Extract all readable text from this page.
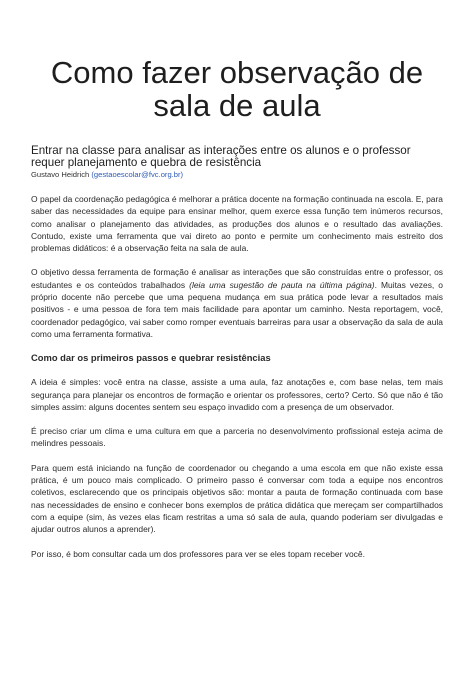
Como fazer observação de sala de aula

Entrar na classe para analisar as interações entre os alunos e o professor requer planejamento e quebra de resistência

Gustavo Heidrich (gestaoescolar@fvc.org.br)

O papel da coordenação pedagógica é melhorar a prática docente na formação continuada na escola. E, para saber das necessidades da equipe para ensinar melhor, quem exerce essa função tem inúmeros recursos, como analisar o planejamento das atividades, as produções dos alunos e o resultado das avaliações. Contudo, existe uma ferramenta que vai direto ao ponto e permite um conhecimento mais estreito dos problemas didáticos: é a observação feita na sala de aula.

O objetivo dessa ferramenta de formação é analisar as interações que são construídas entre o professor, os estudantes e os conteúdos trabalhados (leia uma sugestão de pauta na última página). Muitas vezes, o próprio docente não percebe que uma pequena mudança em sua prática pode levar a resultados mais positivos - e uma pessoa de fora tem mais facilidade para apontar um caminho. Nesta reportagem, você, coordenador pedagógico, vai saber como romper eventuais barreiras para usar a observação da sala de aula como uma ferramenta formativa.

Como dar os primeiros passos e quebrar resistências

A ideia é simples: você entra na classe, assiste a uma aula, faz anotações e, com base nelas, tem mais segurança para planejar os encontros de formação e orientar os professores, certo? Certo. Só que não é tão simples assim: alguns docentes sentem seu espaço invadido com a presença de um observador.

É preciso criar um clima e uma cultura em que a parceria no desenvolvimento profissional esteja acima de melindres pessoais.

Para quem está iniciando na função de coordenador ou chegando a uma escola em que não existe essa prática, é um pouco mais complicado. O primeiro passo é conversar com toda a equipe nos encontros coletivos, esclarecendo que os principais objetivos são: montar a pauta de formação continuada com base nas necessidades de ensino e conhecer bons exemplos de prática didática que mereçam ser compartilhados com a equipe (sim, às vezes elas ficam restritas a uma só sala de aula, quando poderiam ser divulgadas e ajudar outros alunos a aprender).

Por isso, é bom consultar cada um dos professores para ver se eles topam receber você.
